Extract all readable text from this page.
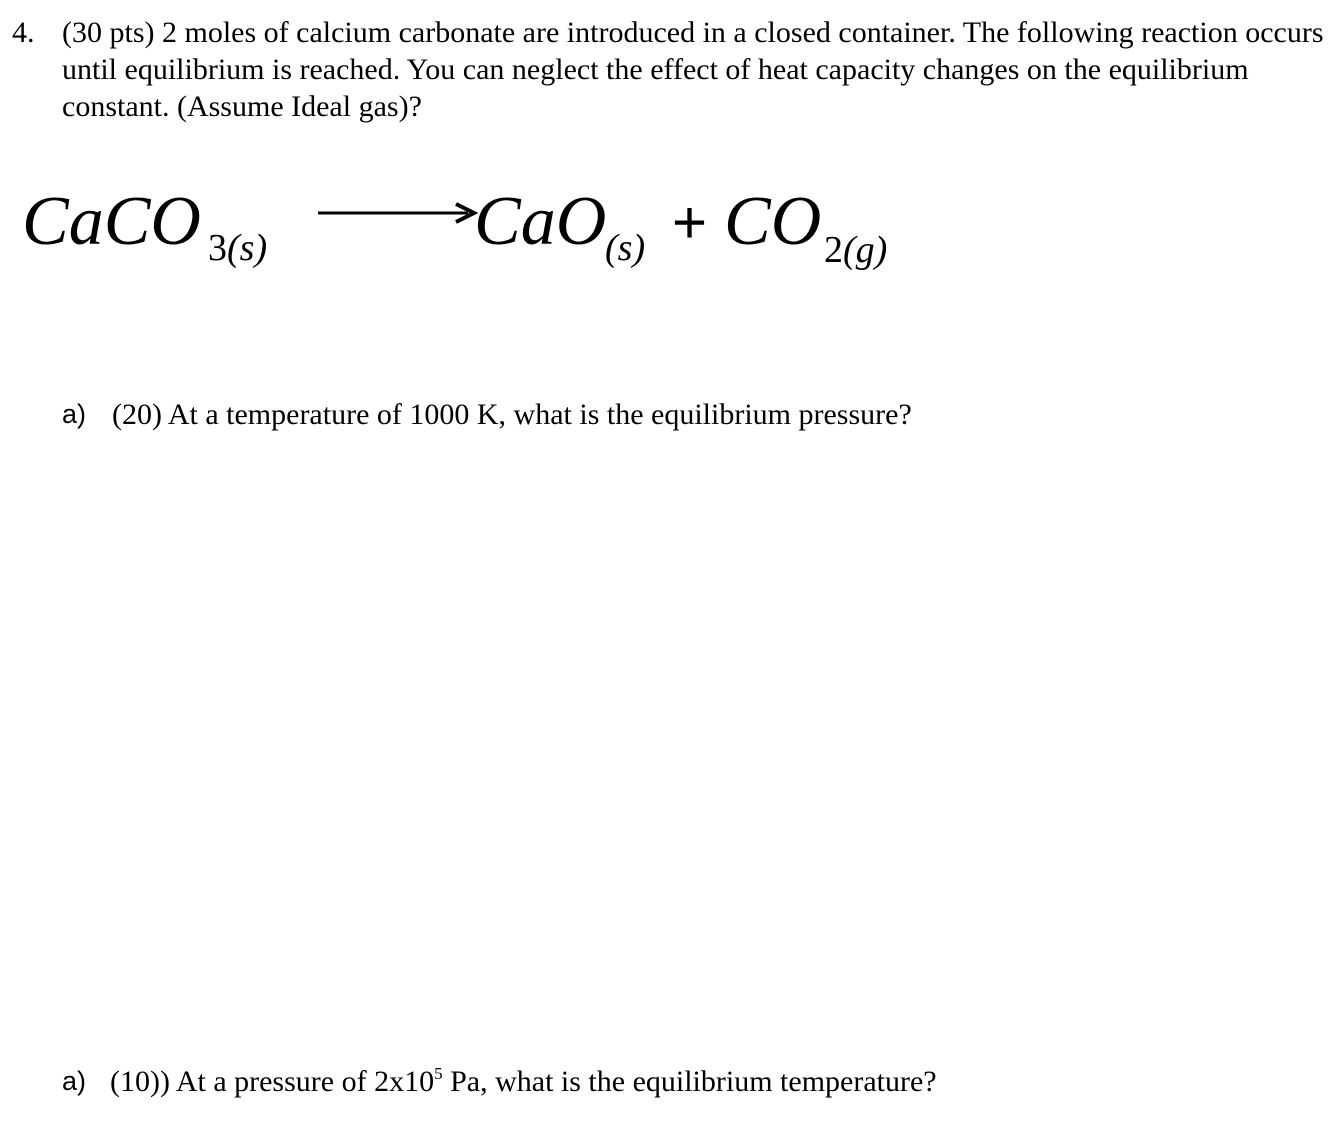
4. (30 pts) 2 moles of calcium carbonate are introduced in a closed container. The following reaction occurs until equilibrium is reached. You can neglect the effect of heat capacity changes on the equilibrium constant. (Assume Ideal gas)?
CaCO 3(s)	CaO
(s) + CO 2(g)
a) (20) At a temperature of 1000 K, what is the equilibrium pressure?
a) (10)) At a pressure of $2x10^5$ Pa, what is the equilibrium temperature?
